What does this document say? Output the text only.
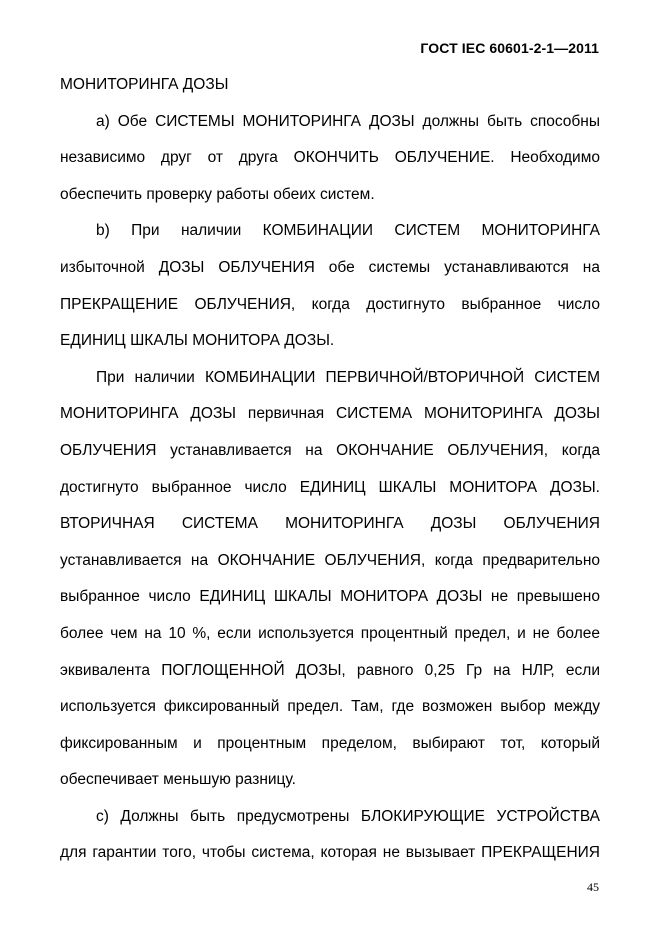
ГОСТ IEC 60601-2-1—2011
МОНИТОРИНГА ДОЗЫ
a) Обе СИСТЕМЫ МОНИТОРИНГА ДОЗЫ должны быть способны
независимо друг от друга ОКОНЧИТЬ ОБЛУЧЕНИЕ. Необходимо
обеспечить проверку работы обеих систем.
b) При наличии КОМБИНАЦИИ СИСТЕМ МОНИТОРИНГА
избыточной ДОЗЫ ОБЛУЧЕНИЯ обе системы устанавливаются на
ПРЕКРАЩЕНИЕ ОБЛУЧЕНИЯ, когда достигнуто выбранное число
ЕДИНИЦ ШКАЛЫ МОНИТОРА ДОЗЫ.
При наличии КОМБИНАЦИИ ПЕРВИЧНОЙ/ВТОРИЧНОЙ СИСТЕМ
МОНИТОРИНГА ДОЗЫ первичная СИСТЕМА МОНИТОРИНГА ДОЗЫ
ОБЛУЧЕНИЯ устанавливается на ОКОНЧАНИЕ ОБЛУЧЕНИЯ, когда
достигнуто выбранное число ЕДИНИЦ ШКАЛЫ МОНИТОРА ДОЗЫ.
ВТОРИЧНАЯ СИСТЕМА МОНИТОРИНГА ДОЗЫ ОБЛУЧЕНИЯ
устанавливается на ОКОНЧАНИЕ ОБЛУЧЕНИЯ, когда предварительно
выбранное число ЕДИНИЦ ШКАЛЫ МОНИТОРА ДОЗЫ не превышено
более чем на 10 %, если используется процентный предел, и не более
эквивалента ПОГЛОЩЕННОЙ ДОЗЫ, равного 0,25 Гр на НЛР, если
используется фиксированный предел. Там, где возможен выбор между
фиксированным и процентным пределом, выбирают тот, который
обеспечивает меньшую разницу.
c) Должны быть предусмотрены БЛОКИРУЮЩИЕ УСТРОЙСТВА
для гарантии того, чтобы система, которая не вызывает ПРЕКРАЩЕНИЯ
45
